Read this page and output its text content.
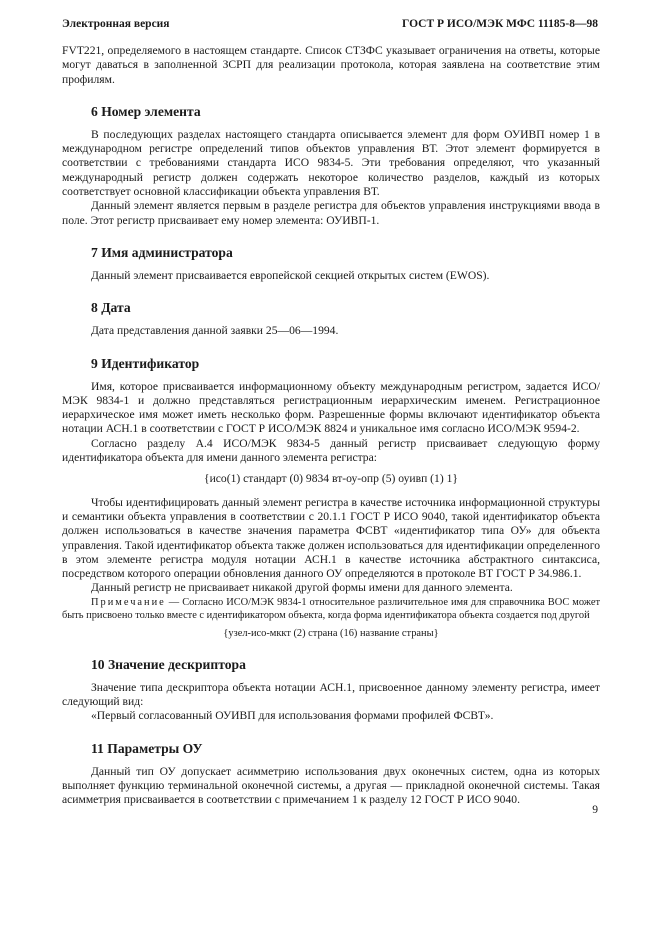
Электронная версия	ГОСТ Р ИСО/МЭК МФС 11185-8—98

FVT221, определяемого в настоящем стандарте. Список СТЗФС указывает ограничения на ответы, которые могут даваться в заполненной ЗСРП для реализации протокола, которая заявлена на соответствие этим профилям.

6 Номер элемента

В последующих разделах настоящего стандарта описывается элемент для форм ОУИВП номер 1 в международном регистре определений типов объектов управления ВТ. Этот элемент формируется в соответствии с требованиями стандарта ИСО 9834-5. Эти требования определяют, что указанный международный регистр должен содержать некоторое количество разделов, каждый из которых соответствует основной классификации объекта управления ВТ.

Данный элемент является первым в разделе регистра для объектов управления инструкциями ввода в поле. Этот регистр присваивает ему номер элемента: ОУИВП-1.

7 Имя администратора

Данный элемент присваивается европейской секцией открытых систем (EWOS).

8 Дата

Дата представления данной заявки 25—06—1994.

9 Идентификатор

Имя, которое присваивается информационному объекту международным регистром, задается ИСО/МЭК 9834-1 и должно представляться регистрационным иерархическим именем. Регистрационное иерархическое имя может иметь несколько форм. Разрешенные формы включают идентификатор объекта нотации АСН.1 в соответствии с ГОСТ Р ИСО/МЭК 8824 и уникальное имя согласно ИСО/МЭК 9594-2.

Согласно разделу А.4 ИСО/МЭК 9834-5 данный регистр присваивает следующую форму идентификатора объекта для имени данного элемента регистра:

{исо(1) стандарт (0) 9834 вт-оу-опр (5) оуивп (1) 1}

Чтобы идентифицировать данный элемент регистра в качестве источника информационной структуры и семантики объекта управления в соответствии с 20.1.1 ГОСТ Р ИСО 9040, такой идентификатор объекта должен использоваться в качестве значения параметра ФСВТ «идентификатор типа ОУ» для объекта управления. Такой идентификатор объекта также должен использоваться для идентификации определенного в этом элементе регистра модуля нотации АСН.1 в качестве источника абстрактного синтаксиса, посредством которого операции обновления данного ОУ определяются в протоколе ВТ ГОСТ Р 34.986.1.

Данный регистр не присваивает никакой другой формы имени для данного элемента.

Примечание — Согласно ИСО/МЭК 9834-1 относительное различительное имя для справочника ВОС может быть присвоено только вместе с идентификатором объекта, когда форма идентификатора объекта создается под другой

{узел-исо-мккт (2) страна (16) название страны}

10 Значение дескриптора

Значение типа дескриптора объекта нотации АСН.1, присвоенное данному элементу регистра, имеет следующий вид:

«Первый согласованный ОУИВП для использования формами профилей ФСВТ».

11 Параметры ОУ

Данный тип ОУ допускает асимметрию использования двух оконечных систем, одна из которых выполняет функцию терминальной оконечной системы, а другая — прикладной оконечной системы. Такая асимметрия присваивается в соответствии с примечанием 1 к разделу 12 ГОСТ Р ИСО 9040.

9
